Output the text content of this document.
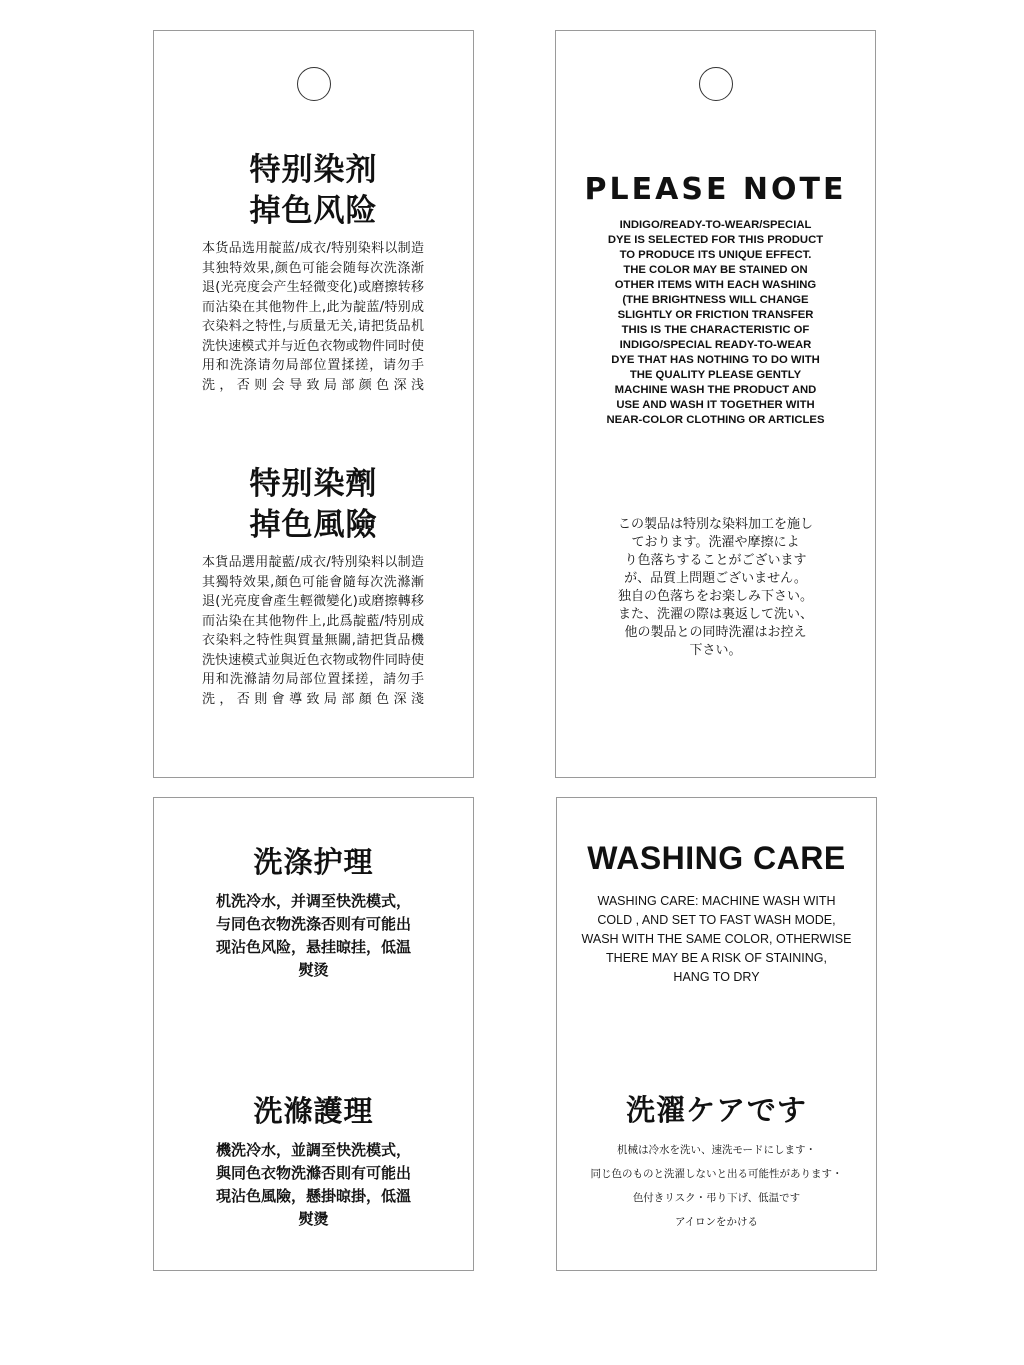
特别染剂
掉色风险
本货品选用靛蓝/成衣/特别染料以制造其独特效果,颜色可能会随每次洗涤渐退(光亮度会产生轻微变化)或磨擦转移而沾染在其他物件上,此为靛蓝/特别成衣染料之特性,与质量无关,请把货品机洗快速模式并与近色衣物或物件同时使用和洗涤请勿局部位置揉搓，请勿手洗，否则会导致局部颜色深浅
特别染劑
掉色風險
本貨品選用靛藍/成衣/特別染料以制造其獨特效果,顏色可能會隨每次洗滌漸退(光亮度會產生輕微變化)或磨擦轉移而沾染在其他物件上,此爲靛藍/特別成衣染料之特性與質量無關,請把貨品機洗快速模式並與近色衣物或物件同時使用和洗滌請勿局部位置揉搓，請勿手洗，否則會導致局部顏色深淺
PLEASE NOTE
INDIGO/READY-TO-WEAR/SPECIAL
DYE IS SELECTED FOR THIS PRODUCT
TO PRODUCE ITS UNIQUE EFFECT.
THE COLOR MAY BE STAINED ON
OTHER ITEMS WITH EACH WASHING
(THE BRIGHTNESS WILL CHANGE
SLIGHTLY OR FRICTION TRANSFER
THIS IS THE CHARACTERISTIC OF
INDIGO/SPECIAL READY-TO-WEAR
DYE THAT HAS NOTHING TO DO WITH
THE QUALITY PLEASE GENTLY
MACHINE WASH THE PRODUCT AND
USE AND WASH IT TOGETHER WITH
NEAR-COLOR CLOTHING OR ARTICLES
この製品は特別な染料加工を施し
ております。洗濯や摩擦によ
り色落ちすることがございます
が、品質上問題ございません。
独自の色落ちをお楽しみ下さい。
また、洗濯の際は裏返して洗い、
他の製品との同時洗濯はお控え
下さい。
洗涤护理
机洗冷水，并调至快洗模式，
与同色衣物洗涤否则有可能出
现沾色风险，悬挂晾挂，低温
熨烫
洗滌護理
機洗冷水，並調至快洗模式，
與同色衣物洗滌否則有可能出
現沾色風險，懸掛晾掛，低溫
熨燙
WASHING CARE
WASHING CARE: MACHINE WASH WITH
COLD , AND SET TO FAST WASH MODE,
WASH WITH THE SAME COLOR, OTHERWISE
THERE MAY BE A RISK OF STAINING,
HANG TO DRY
洗濯ケアです
机械は冷水を洗い、速洗モードにします・
同じ色のものと洗濯しないと出る可能性があります・
色付きリスク・弔り下げ、低温です
アイロンをかける
